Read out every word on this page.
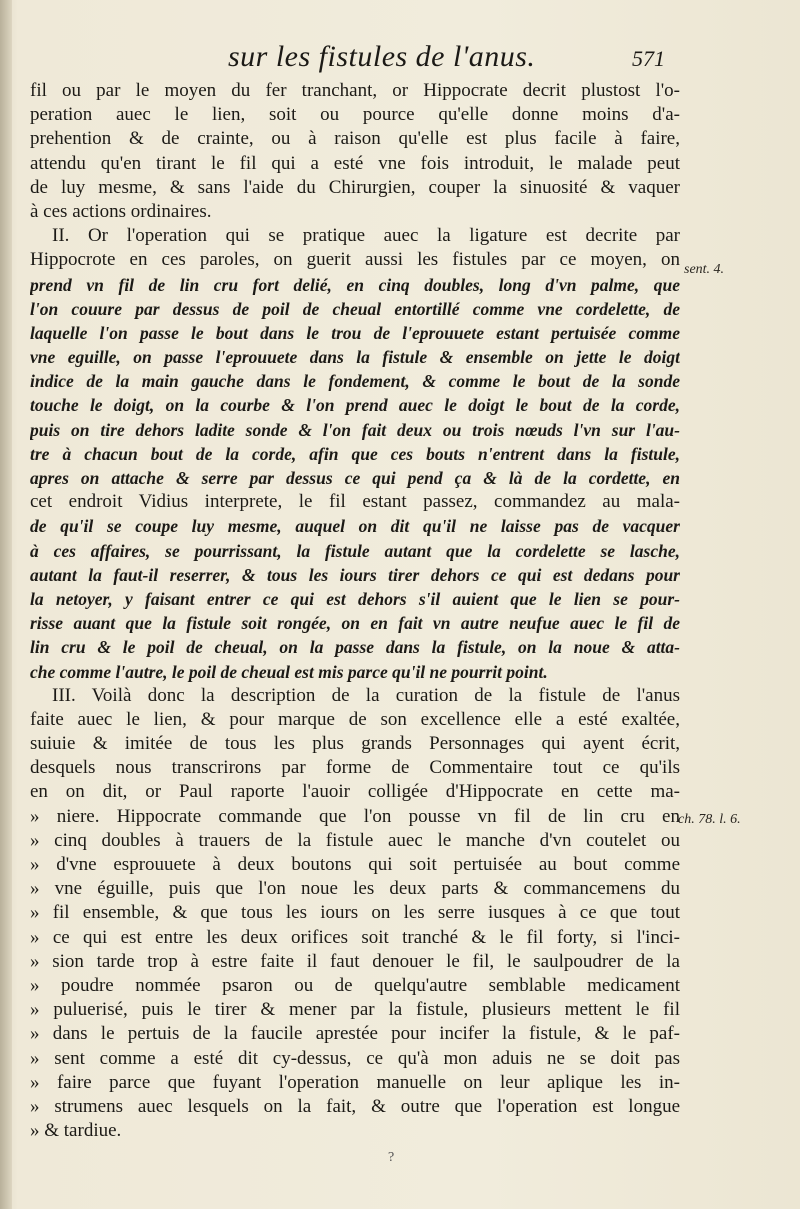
sur les fistules de l'anus.	571
fil ou par le moyen du fer tranchant, or Hippocrate decrit plustost l'o-
peration auec le lien, soit ou pource qu'elle donne moins d'a-
prehention & de crainte, ou à raison qu'elle est plus facile à faire,
attendu qu'en tirant le fil qui a esté vne fois introduit, le malade peut
de luy mesme, & sans l'aide du Chirurgien, couper la sinuosité & vaquer
à ces actions ordinaires.
II. Or l'operation qui se pratique auec la ligature est decrite par
Hippocrote en ces paroles, on guerit aussi les fistules par ce moyen, on
prend vn fil de lin cru fort delié, en cinq doubles, long d'vn palme, que
l'on couure par dessus de poil de cheual entortillé comme vne cordelette, de
laquelle l'on passe le bout dans le trou de l'eprouuete estant pertuisée comme
vne eguille, on passe l'eprouuete dans la fistule & ensemble on jette le doigt
indice de la main gauche dans le fondement, & comme le bout de la sonde
touche le doigt, on la courbe & l'on prend auec le doigt le bout de la corde,
puis on tire dehors ladite sonde & l'on fait deux ou trois nœuds l'vn sur l'au-
tre à chacun bout de la corde, afin que ces bouts n'entrent dans la fistule,
apres on attache & serre par dessus ce qui pend ça & là de la cordette, en
cet endroit Vidius interprete, le fil estant passez, commandez au mala-
de qu'il se coupe luy mesme, auquel on dit qu'il ne laisse pas de vacquer
à ces affaires, se pourrissant, la fistule autant que la cordelette se lasche,
autant la faut-il reserrer, & tous les iours tirer dehors ce qui est dedans pour
la netoyer, y faisant entrer ce qui est dehors s'il auient que le lien se pour-
risse auant que la fistule soit rongée, on en fait vn autre neufue auec le fil de
lin cru & le poil de cheual, on la passe dans la fistule, on la noue & atta-
che comme l'autre, le poil de cheual est mis parce qu'il ne pourrit point.
III. Voilà donc la description de la curation de la fistule de l'anus
faite auec le lien, & pour marque de son excellence elle a esté exaltée,
suiuie & imitée de tous les plus grands Personnages qui ayent écrit,
desquels nous transcrirons par forme de Commentaire tout ce qu'ils
en on dit, or Paul raporte l'auoir colligée d'Hippocrate en cette ma-
» niere. Hippocrate commande que l'on pousse vn fil de lin cru en
» cinq doubles à trauers de la fistule auec le manche d'vn coutelet ou
» d'vne esprouuete à deux boutons qui soit pertuisée au bout comme
» vne éguille, puis que l'on noue les deux parts & commancemens du
» fil ensemble, & que tous les iours on les serre iusques à ce que tout
» ce qui est entre les deux orifices soit tranché & le fil forty, si l'inci-
» sion tarde trop à estre faite il faut denouer le fil, le saulpoudrer de la
» poudre nommée psaron ou de quelqu'autre semblable medicament
» puluerisé, puis le tirer & mener par la fistule, plusieurs mettent le fil
» dans le pertuis de la faucile aprestée pour incifer la fistule, & le paf-
» sent comme a esté dit cy-dessus, ce qu'à mon aduis ne se doit pas
» faire parce que fuyant l'operation manuelle on leur aplique les in-
» strumens auec lesquels on la fait, & outre que l'operation est longue
» & tardiue.
sent. 4.
ch. 78. l. 6.
?
